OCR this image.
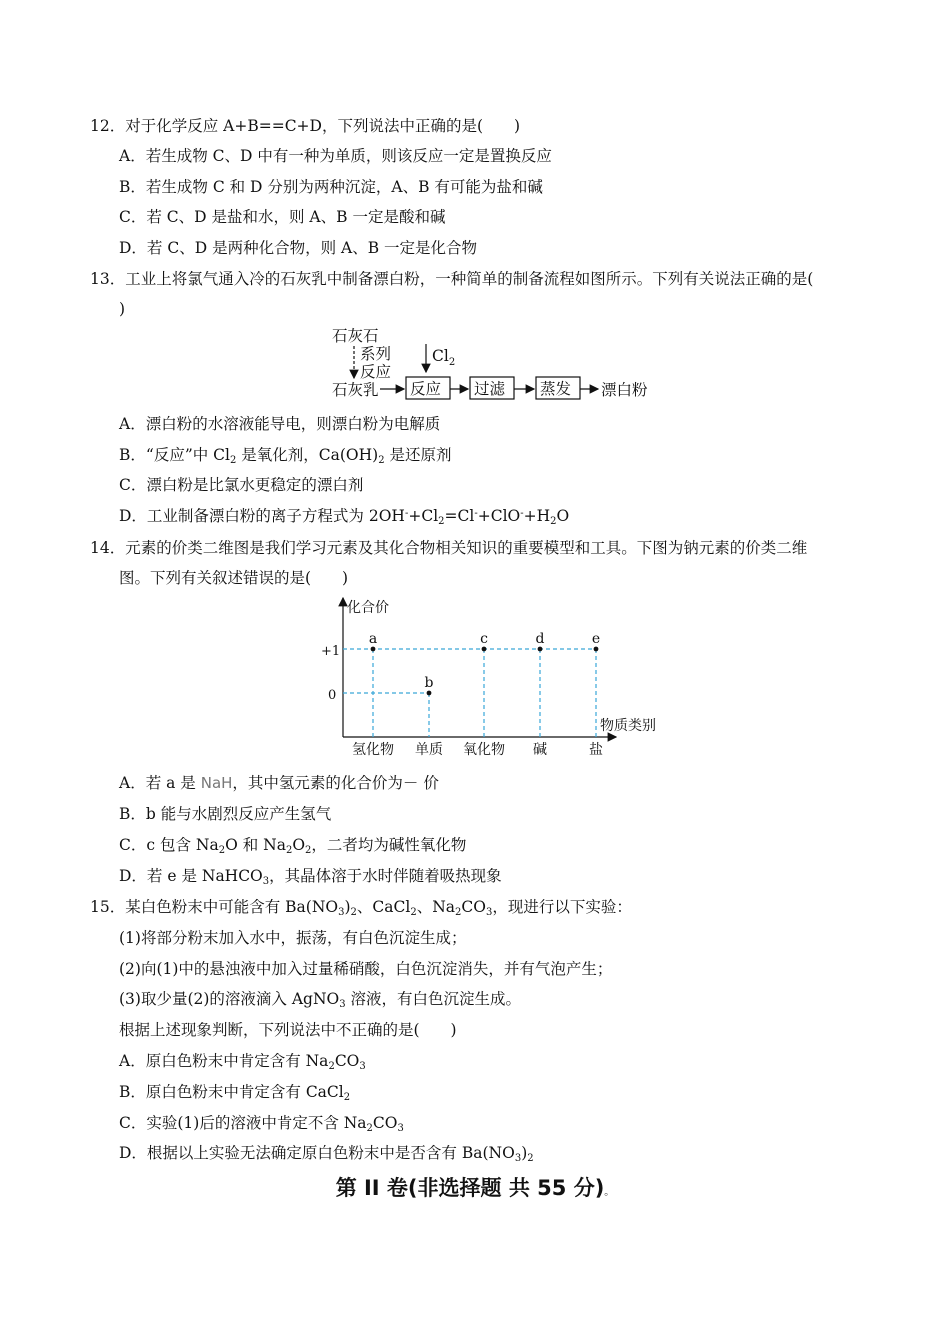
12．对于化学反应 A+B==C+D，下列说法中正确的是(　　)
A．若生成物 C、D 中有一种为单质，则该反应一定是置换反应
B．若生成物 C 和 D 分别为两种沉淀，A、B 有可能为盐和碱
C．若 C、D 是盐和水，则 A、B 一定是酸和碱
D．若 C、D 是两种化合物，则 A、B 一定是化合物
13．工业上将氯气通入冷的石灰乳中制备漂白粉，一种简单的制备流程如图所示。下列有关说法正确的是(
)
石灰石
系列
反应
$Cl_2$
石灰乳 反应 过滤 蒸发 漂白粉
A．漂白粉的水溶液能导电，则漂白粉为电解质
B．“反应”中 $Cl_2$ 是氧化剂，$Ca(OH)_2$ 是还原剂
C．漂白粉是比氯水更稳定的漂白剂
D．工业制备漂白粉的离子方程式为 $2OH^-+Cl_2=Cl^-+ClO^-+H_2O$
14．元素的价类二维图是我们学习元素及其化合物相关知识的重要模型和工具。下图为钠元素的价类二维
图。下列有关叙述错误的是(　　)
化合价
物质类别
+1
0
氢化物 单质 氧化物 碱	盐
a
b
c	d	e
A．若 a 是 NaH，其中氢元素的化合价为－ 价
B．b 能与水剧烈反应产生氢气
C．c 包含 $Na_2O$ 和 $Na_2O_2$，二者均为碱性氧化物
D．若 e 是 NaHCO$_3$，其晶体溶于水时伴随着吸热现象
15．某白色粉末中可能含有 $Ba(NO_3)_2$、CaCl$_2$、$Na_2CO_3$，现进行以下实验：
(1)将部分粉末加入水中，振荡，有白色沉淀生成；
(2)向(1)中的悬浊液中加入过量稀硝酸，白色沉淀消失，并有气泡产生；
(3)取少量(2)的溶液滴入 AgNO$_3$ 溶液，有白色沉淀生成。
根据上述现象判断，下列说法中不正确的是(　　)
A．原白色粉末中肯定含有 $Na_2CO_3$
B．原白色粉末中肯定含有 CaCl$_2$
C．实验(1)后的溶液中肯定不含 $Na_2CO_3$
D．根据以上实验无法确定原白色粉末中是否含有 $Ba(NO_3)_2$
第 II 卷(非选择题 共 55 分)。
